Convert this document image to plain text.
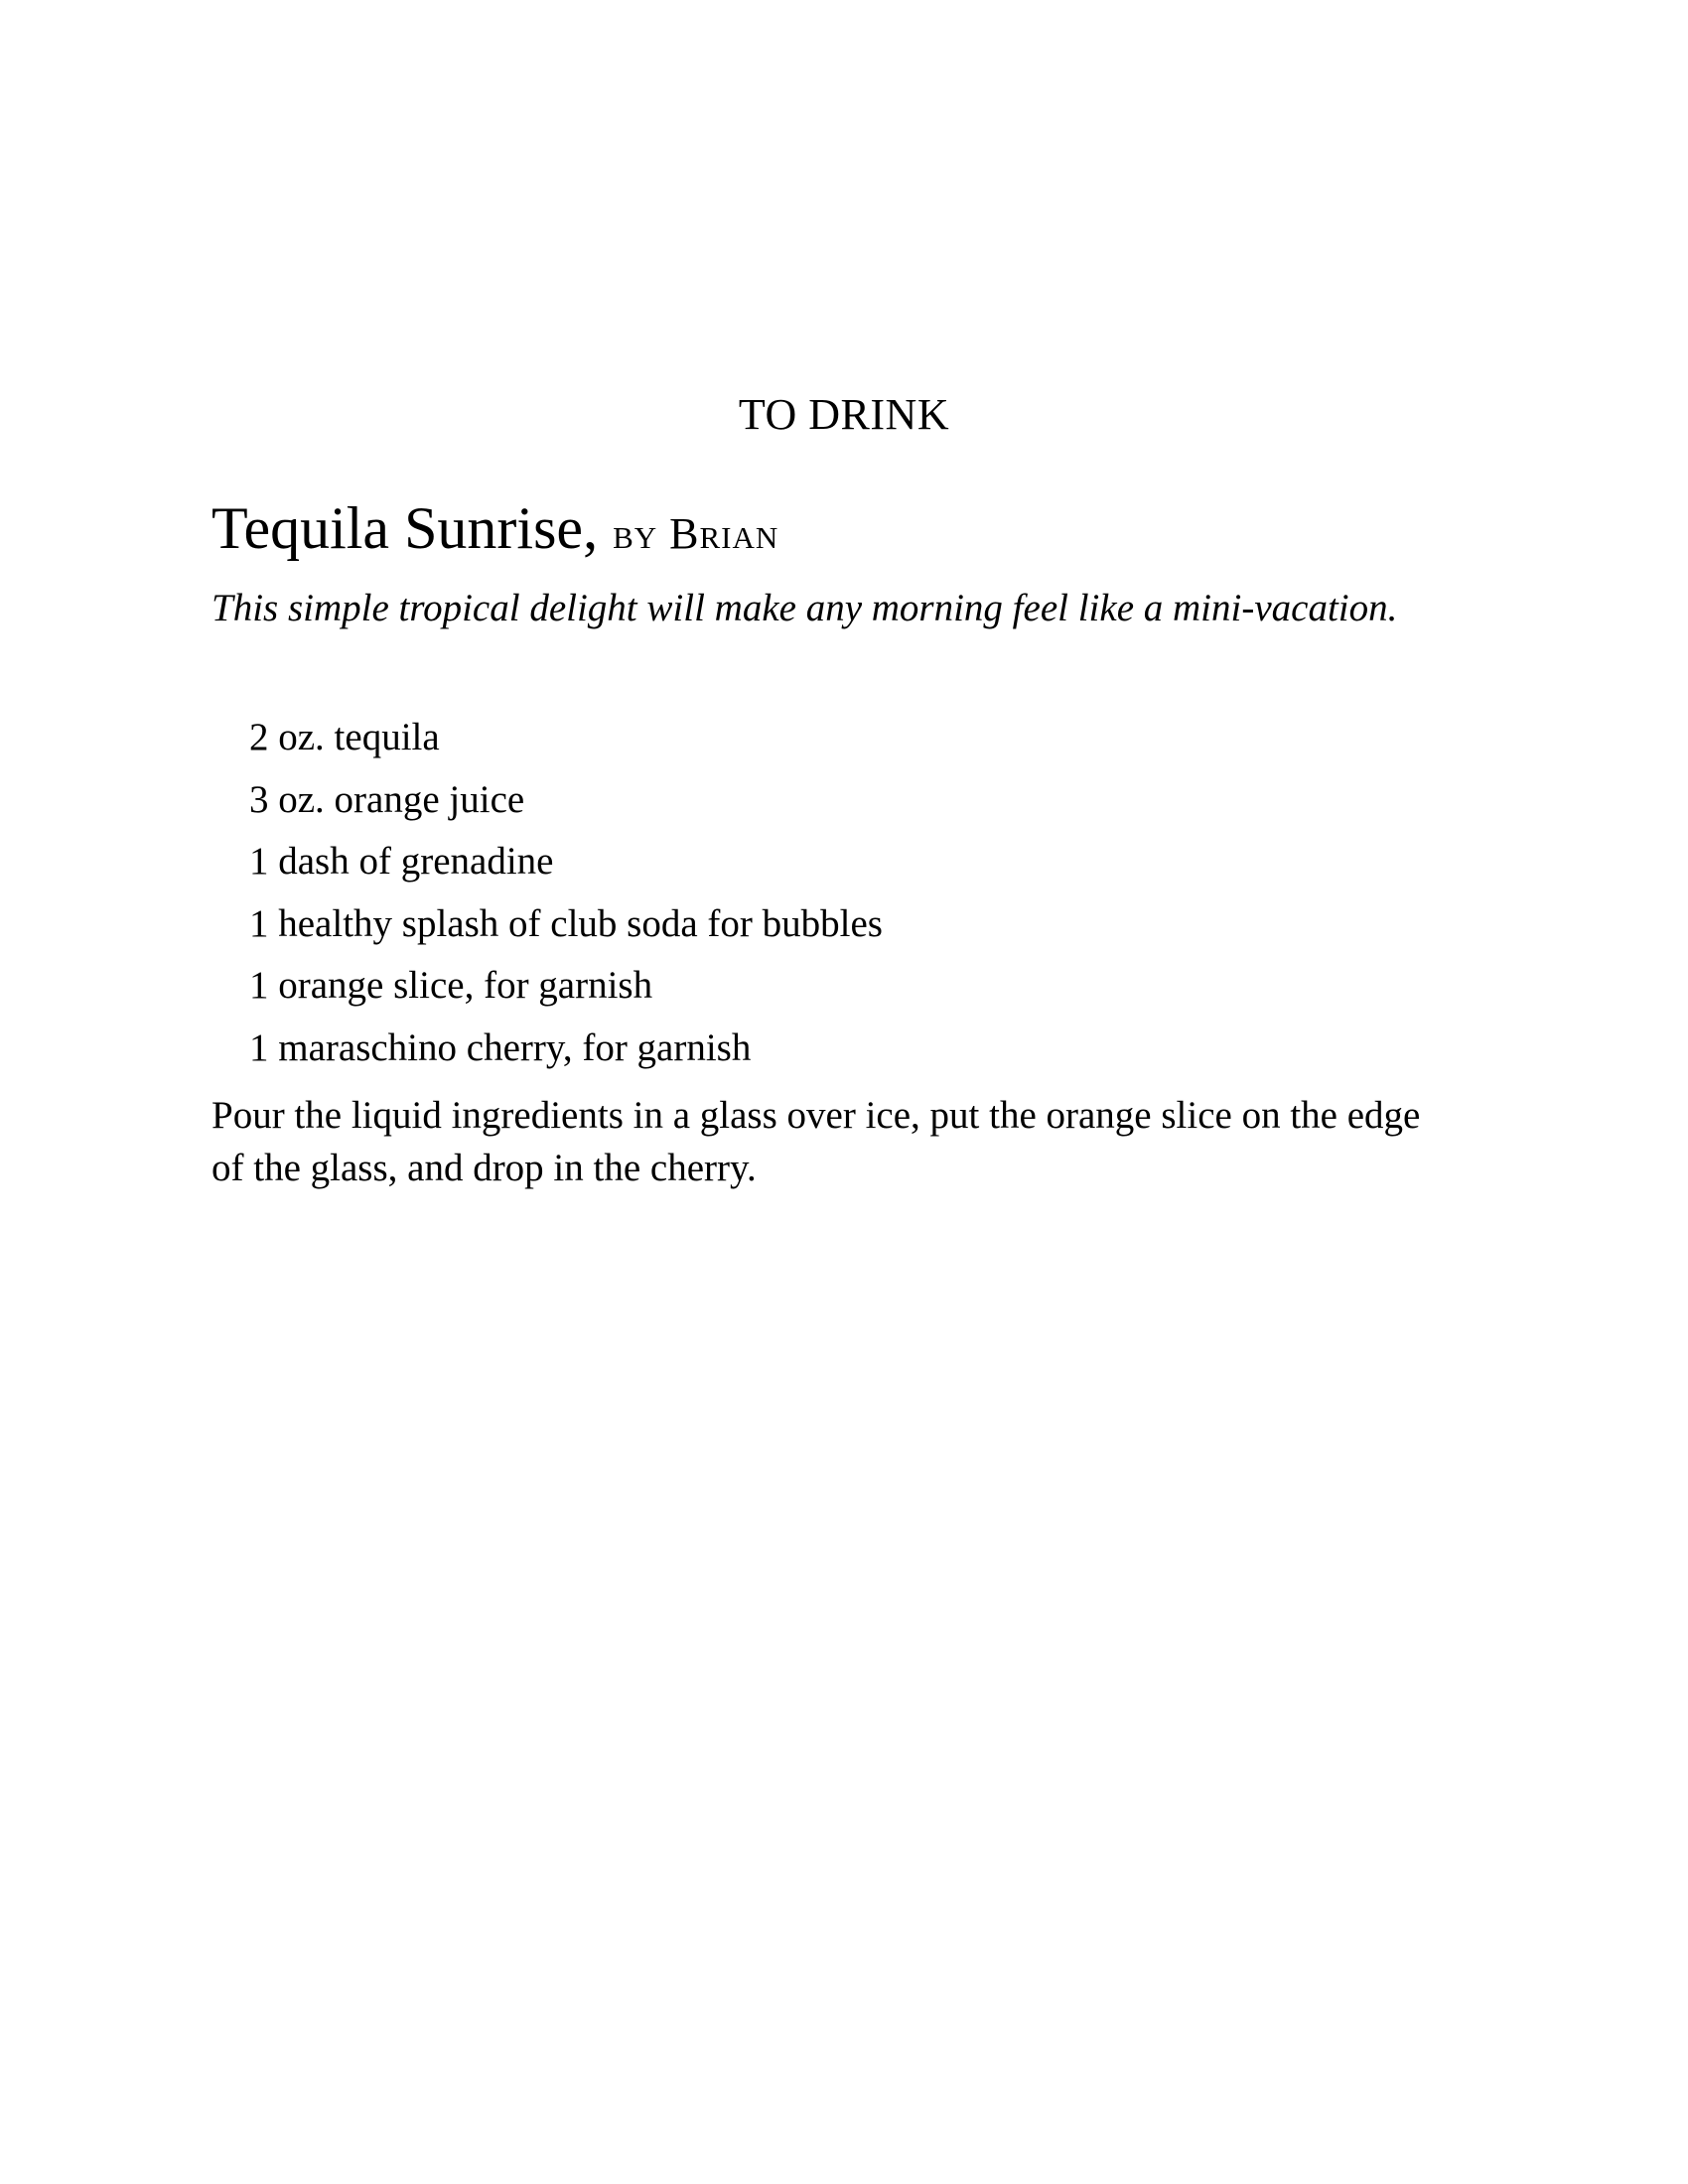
TO DRINK
Tequila Sunrise, by Brian
This simple tropical delight will make any morning feel like a mini-vacation.
2 oz. tequila
3 oz. orange juice
1 dash of grenadine
1 healthy splash of club soda for bubbles
1 orange slice, for garnish
1 maraschino cherry, for garnish
Pour the liquid ingredients in a glass over ice, put the orange slice on the edge of the glass, and drop in the cherry.
